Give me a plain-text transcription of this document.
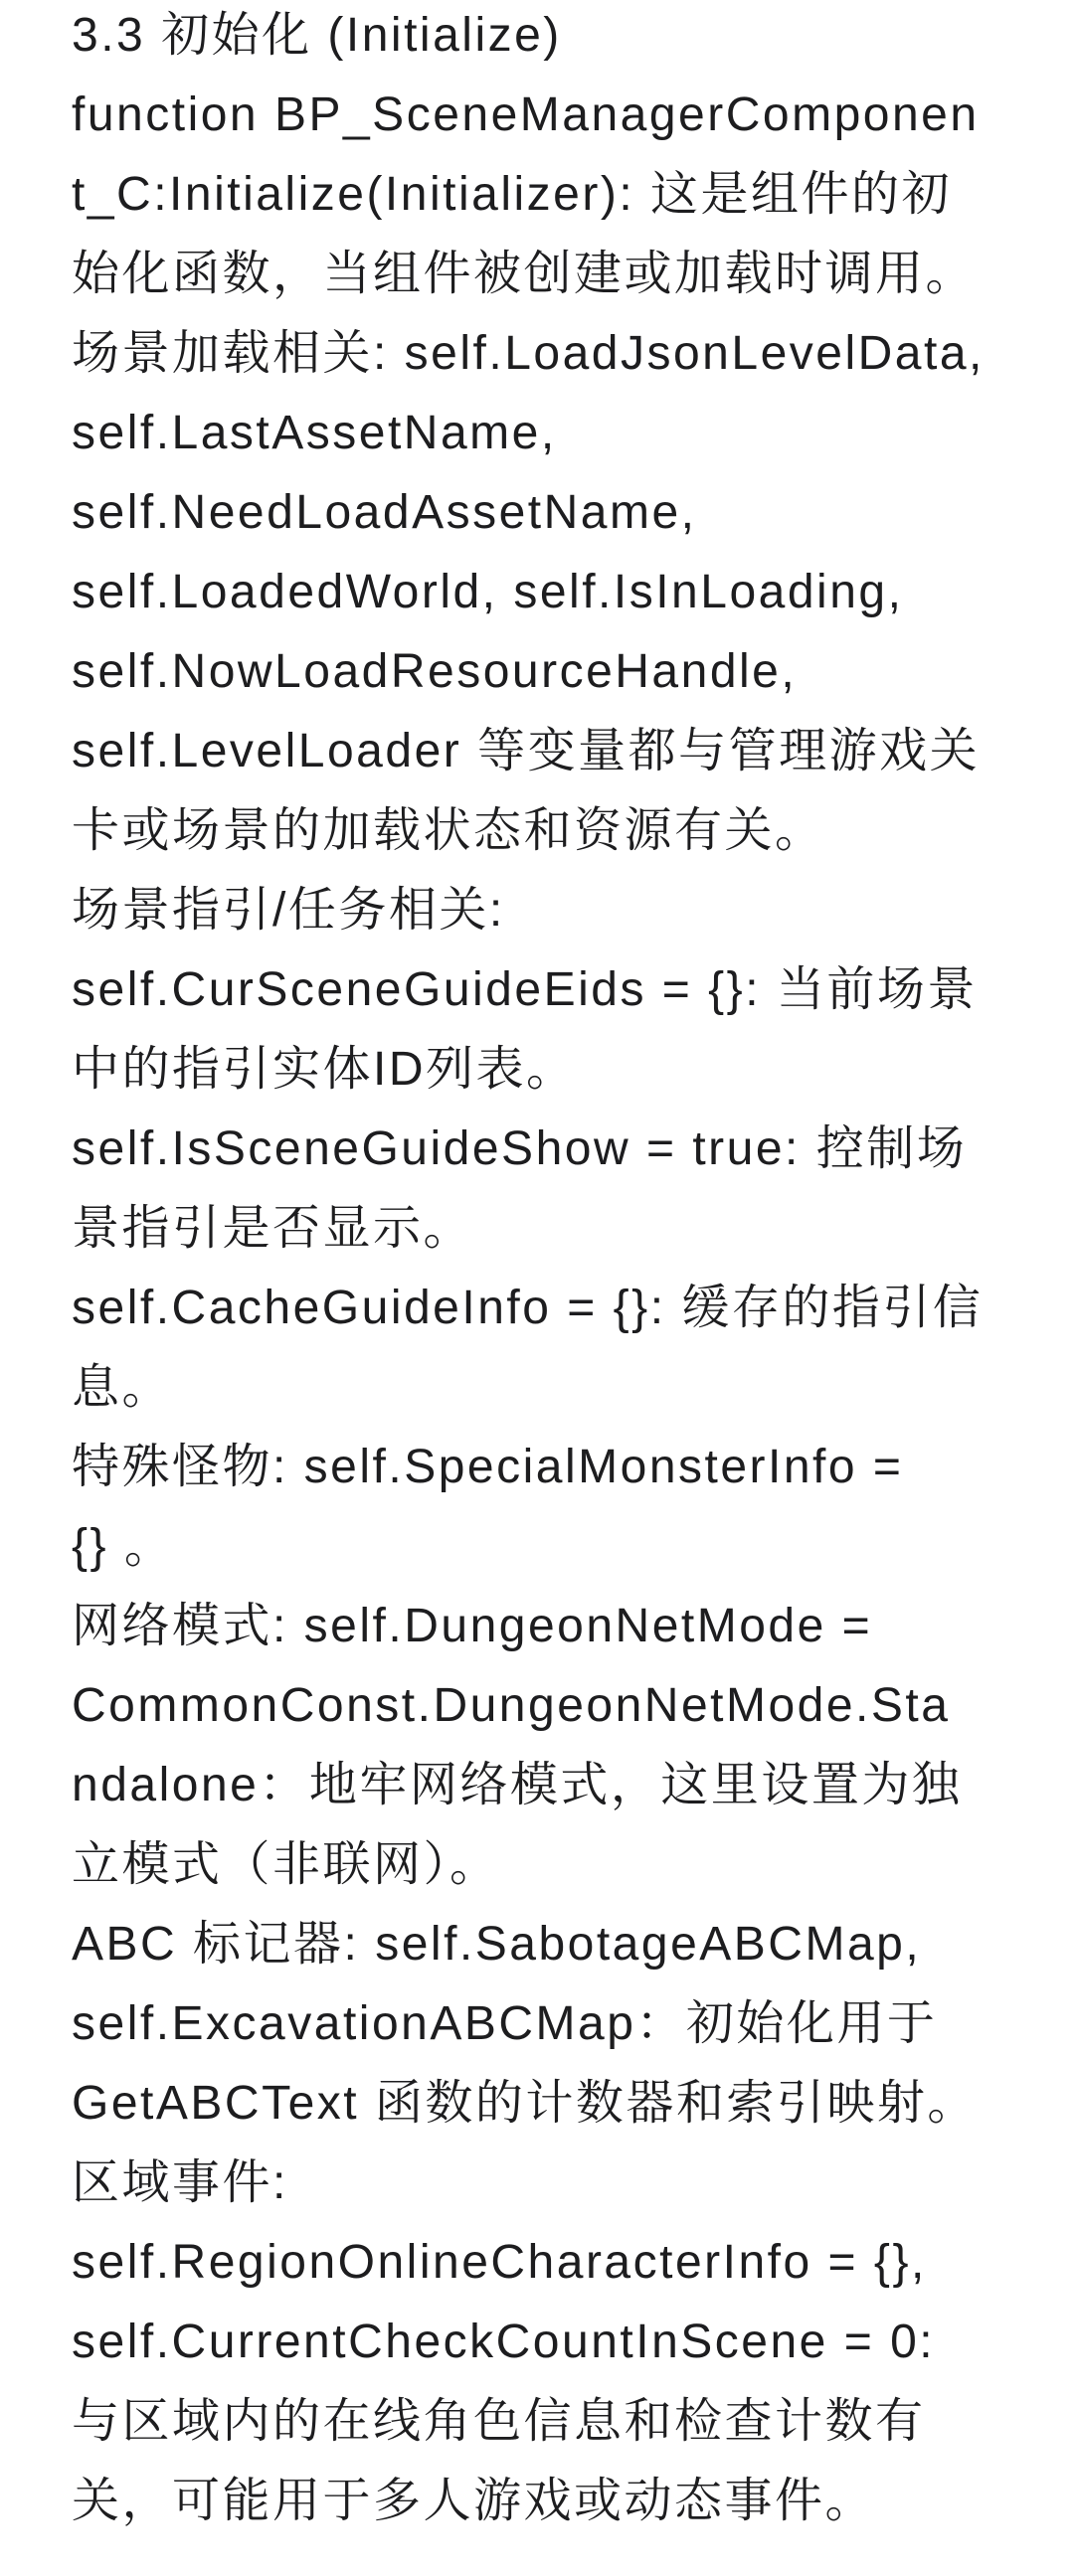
3.3 初始化 (Initialize)
function BP_SceneManagerComponen
t_C:Initialize(Initializer): 这是组件的初
始化函数，当组件被创建或加载时调用。
场景加载相关: self.LoadJsonLevelData,
self.LastAssetName,
self.NeedLoadAssetName,
self.LoadedWorld, self.IsInLoading,
self.NowLoadResourceHandle,
self.LevelLoader 等变量都与管理游戏关
卡或场景的加载状态和资源有关。
场景指引/任务相关:
self.CurSceneGuideEids = {}: 当前场景
中的指引实体ID列表。
self.IsSceneGuideShow = true: 控制场
景指引是否显示。
self.CacheGuideInfo = {}: 缓存的指引信
息。
特殊怪物: self.SpecialMonsterInfo =
{} 。
网络模式: self.DungeonNetMode =
CommonConst.DungeonNetMode.Sta
ndalone：地牢网络模式，这里设置为独
立模式（非联网）。
ABC 标记器: self.SabotageABCMap,
self.ExcavationABCMap：初始化用于
GetABCText 函数的计数器和索引映射。
区域事件:
self.RegionOnlineCharacterInfo = {},
self.CurrentCheckCountInScene = 0:
与区域内的在线角色信息和检查计数有
关，可能用于多人游戏或动态事件。
